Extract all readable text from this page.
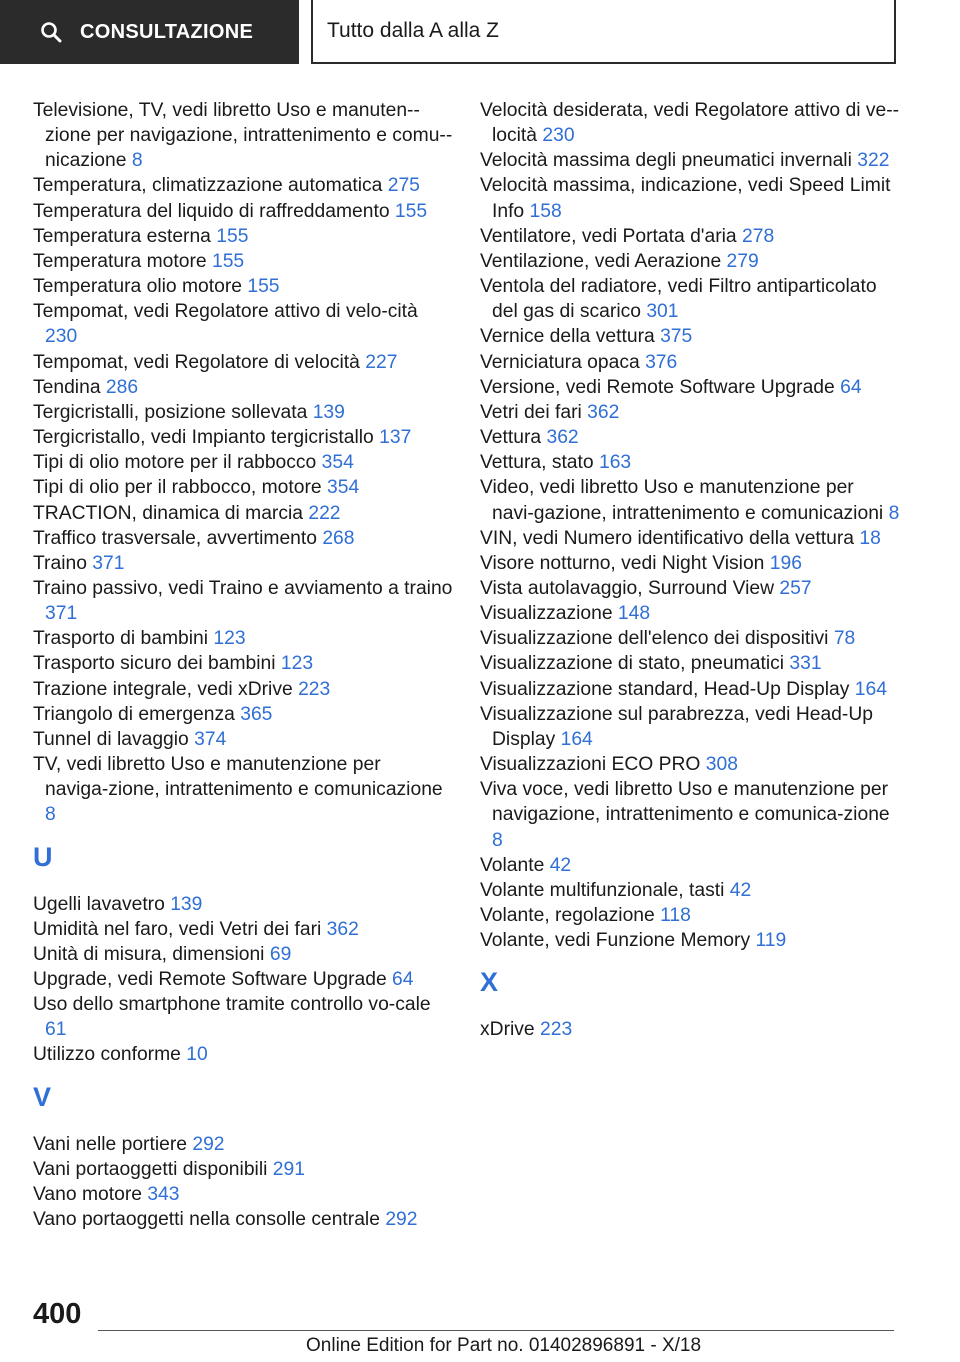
CONSULTAZIONE	Tutto dalla A alla Z
Televisione, TV, vedi libretto Uso e manuten-zione per navigazione, intrattenimento e comu-nicazione 8
Temperatura, climatizzazione automatica 275
Temperatura del liquido di raffreddamento 155
Temperatura esterna 155
Temperatura motore 155
Temperatura olio motore 155
Tempomat, vedi Regolatore attivo di velo-cità 230
Tempomat, vedi Regolatore di velocità 227
Tendina 286
Tergicristalli, posizione sollevata 139
Tergicristallo, vedi Impianto tergicristallo 137
Tipi di olio motore per il rabbocco 354
Tipi di olio per il rabbocco, motore 354
TRACTION, dinamica di marcia 222
Traffico trasversale, avvertimento 268
Traino 371
Traino passivo, vedi Traino e avviamento a traino 371
Trasporto di bambini 123
Trasporto sicuro dei bambini 123
Trazione integrale, vedi xDrive 223
Triangolo di emergenza 365
Tunnel di lavaggio 374
TV, vedi libretto Uso e manutenzione per naviga-zione, intrattenimento e comunicazione 8
U
Ugelli lavavetro 139
Umidità nel faro, vedi Vetri dei fari 362
Unità di misura, dimensioni 69
Upgrade, vedi Remote Software Upgrade 64
Uso dello smartphone tramite controllo vo-cale 61
Utilizzo conforme 10
V
Vani nelle portiere 292
Vani portaoggetti disponibili 291
Vano motore 343
Vano portaoggetti nella consolle centrale 292
Velocità desiderata, vedi Regolatore attivo di ve-locità 230
Velocità massima degli pneumatici invernali 322
Velocità massima, indicazione, vedi Speed Limit Info 158
Ventilatore, vedi Portata d'aria 278
Ventilazione, vedi Aerazione 279
Ventola del radiatore, vedi Filtro antiparticolato del gas di scarico 301
Vernice della vettura 375
Verniciatura opaca 376
Versione, vedi Remote Software Upgrade 64
Vetri dei fari 362
Vettura 362
Vettura, stato 163
Video, vedi libretto Uso e manutenzione per navi-gazione, intrattenimento e comunicazioni 8
VIN, vedi Numero identificativo della vettura 18
Visore notturno, vedi Night Vision 196
Vista autolavaggio, Surround View 257
Visualizzazione 148
Visualizzazione dell'elenco dei dispositivi 78
Visualizzazione di stato, pneumatici 331
Visualizzazione standard, Head-Up Display 164
Visualizzazione sul parabrezza, vedi Head-Up Display 164
Visualizzazioni ECO PRO 308
Viva voce, vedi libretto Uso e manutenzione per navigazione, intrattenimento e comunica-zione 8
Volante 42
Volante multifunzionale, tasti 42
Volante, regolazione 118
Volante, vedi Funzione Memory 119
X
xDrive 223
400
Online Edition for Part no. 01402896891 - X/18
